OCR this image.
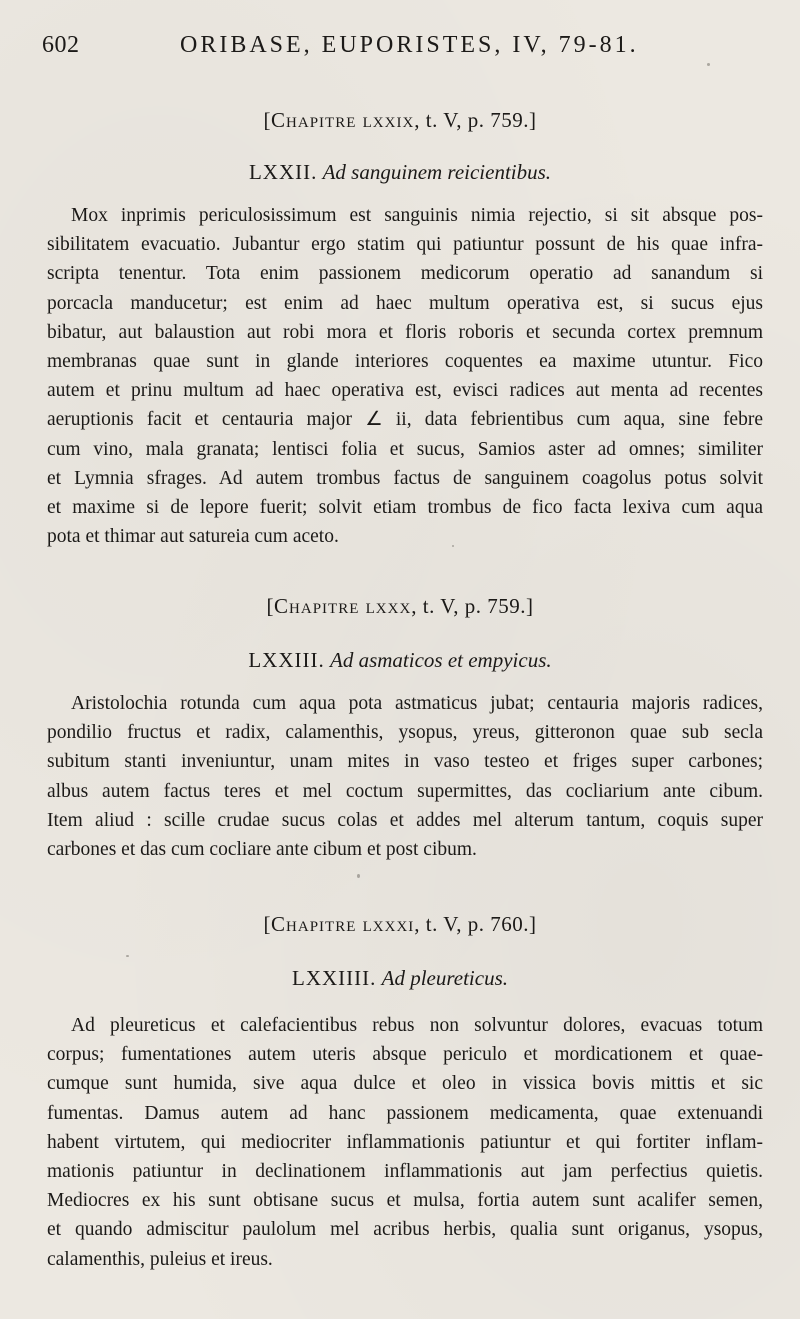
602	ORIBASE, EUPORISTES, IV, 79-81.
[Chapitre lxxix, t. V, p. 759.]
LXXII. Ad sanguinem reicientibus.
Mox inprimis periculosissimum est sanguinis nimia rejectio, si sit absque pos-
sibilitatem evacuatio. Jubantur ergo statim qui patiuntur possunt de his quae infra-
scripta tenentur. Tota enim passionem medicorum operatio ad sanandum si
porcacla manducetur; est enim ad haec multum operativa est, si sucus ejus
bibatur, aut balaustion aut robi mora et floris roboris et secunda cortex premnum
membranas quae sunt in glande interiores coquentes ea maxime utuntur. Fico
autem et prinu multum ad haec operativa est, evisci radices aut menta ad recentes
aeruptionis facit et centauria major ∠ ii, data febrientibus cum aqua, sine febre
cum vino, mala granata; lentisci folia et sucus, Samios aster ad omnes; similiter
et Lymnia sfrages. Ad autem trombus factus de sanguinem coagolus potus solvit
et maxime si de lepore fuerit; solvit etiam trombus de fico facta lexiva cum aqua
pota et thimar aut satureia cum aceto.
[Chapitre lxxx, t. V, p. 759.]
LXXIII. Ad asmaticos et empyicus.
Aristolochia rotunda cum aqua pota astmaticus jubat; centauria majoris radices,
pondilio fructus et radix, calamenthis, ysopus, yreus, gitteronon quae sub secla
subitum stanti inveniuntur, unam mites in vaso testeo et friges super carbones;
albus autem factus teres et mel coctum supermittes, das cocliarium ante cibum.
Item aliud : scille crudae sucus colas et addes mel alterum tantum, coquis super
carbones et das cum cocliare ante cibum et post cibum.
[Chapitre lxxxi, t. V, p. 760.]
LXXIIII. Ad pleureticus.
Ad pleureticus et calefacientibus rebus non solvuntur dolores, evacuas totum
corpus; fumentationes autem uteris absque periculo et mordicationem et quae-
cumque sunt humida, sive aqua dulce et oleo in vissica bovis mittis et sic
fumentas. Damus autem ad hanc passionem medicamenta, quae extenuandi
habent virtutem, qui mediocriter inflammationis patiuntur et qui fortiter inflam-
mationis patiuntur in declinationem inflammationis aut jam perfectius quietis.
Mediocres ex his sunt obtisane sucus et mulsa, fortia autem sunt acalifer semen,
et quando admiscitur paulolum mel acribus herbis, qualia sunt origanus, ysopus,
calamenthis, puleius et ireus.
